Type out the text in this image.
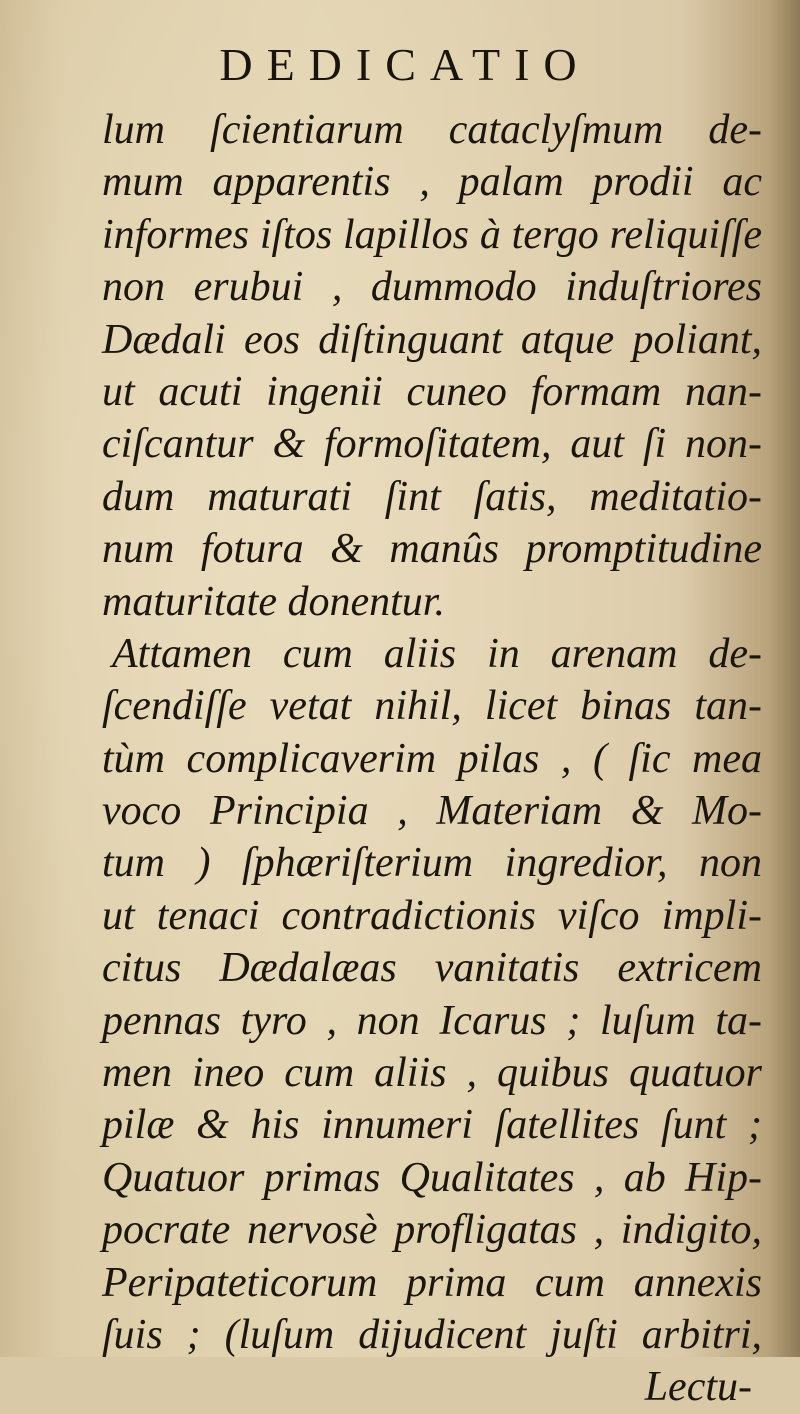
DEDICATIO
lum ſcientiarum cataclyſmum de-
mum apparentis , palam prodii ac
informes iſtos lapillos à tergo reliquiſſe
non erubui , dummodo induſtriores
Dædali eos diſtinguant atque poliant,
ut acuti ingenii cuneo formam nan-
ciſcantur & formoſitatem, aut ſi non-
dum maturati ſint ſatis, meditatio-
num fotura & manûs promptitudine
maturitate donentur.
Attamen cum aliis in arenam de-
ſcendiſſe vetat nihil, licet binas tan-
tùm complicaverim pilas , ( ſic mea
voco Principia , Materiam & Mo-
tum ) ſphæriſterium ingredior, non
ut tenaci contradictionis viſco impli-
citus Dædalæas vanitatis extricem
pennas tyro , non Icarus ; luſum ta-
men ineo cum aliis , quibus quatuor
pilæ & his innumeri ſatellites ſunt ;
Quatuor primas Qualitates , ab Hip-
pocrate nervosè profligatas , indigito,
Peripateticorum prima cum annexis
ſuis ; (luſum dijudicent juſti arbitri,
Lectu-
